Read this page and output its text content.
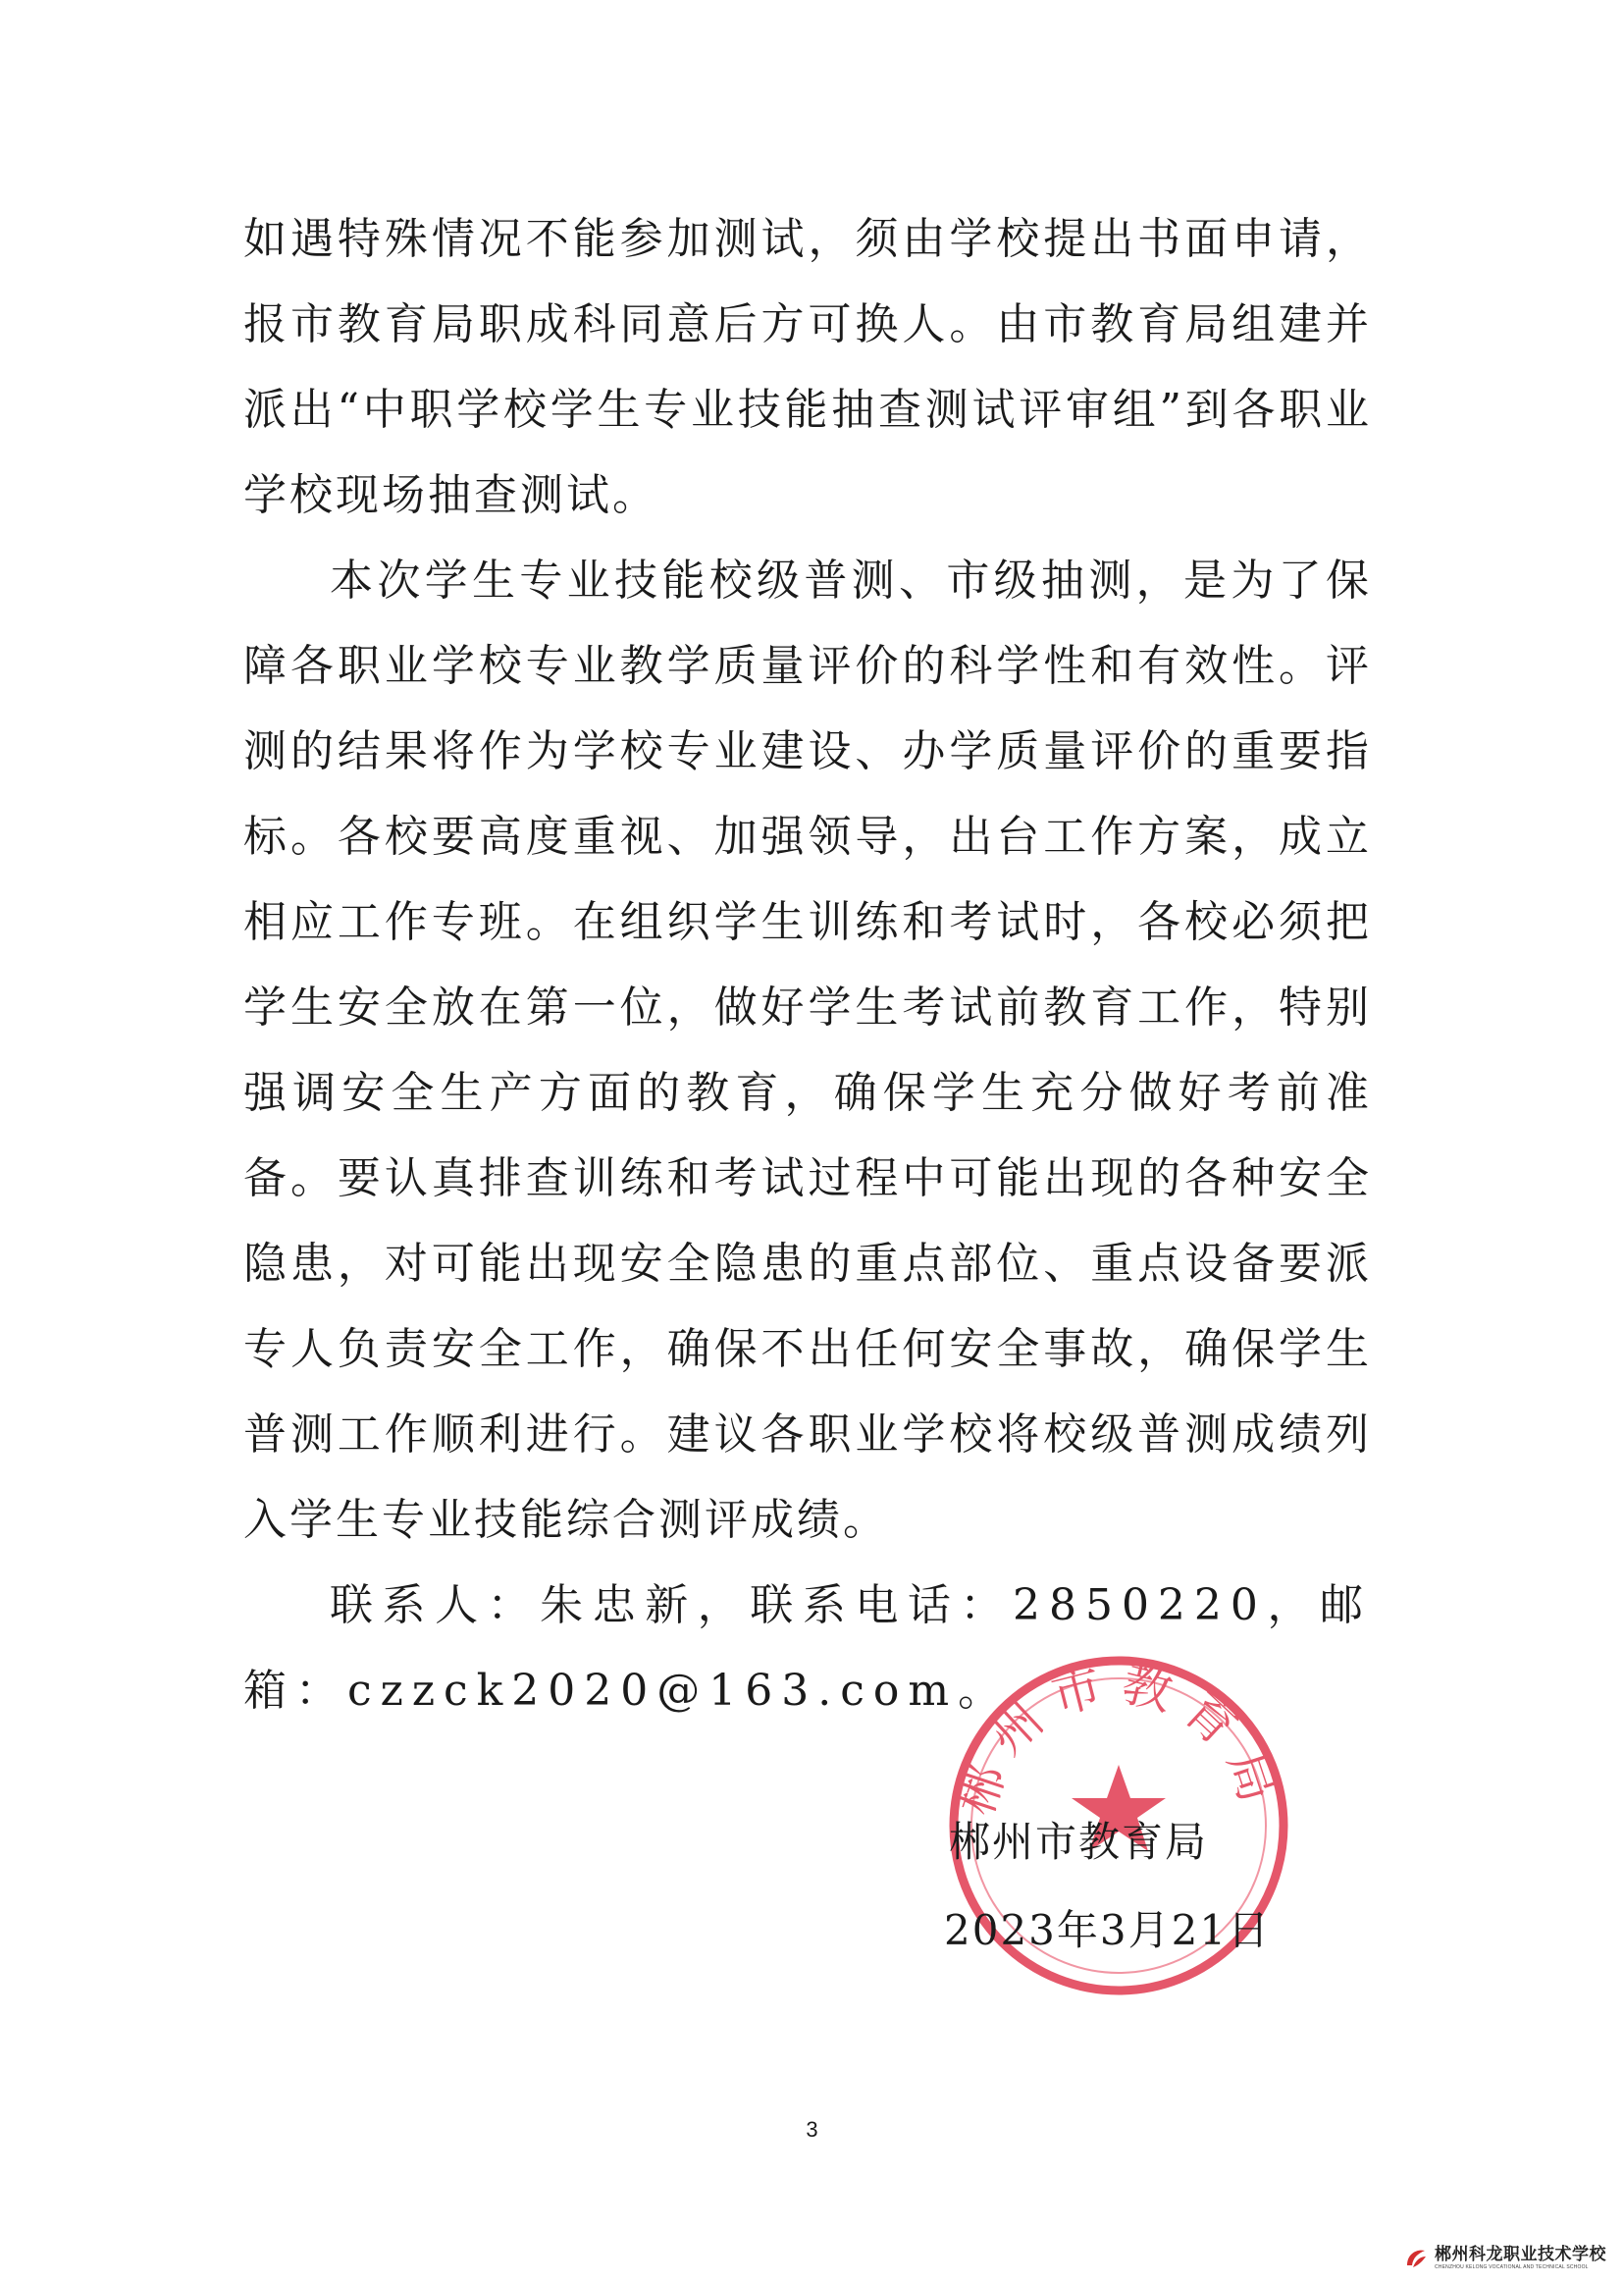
如遇特殊情况不能参加测试，须由学校提出书面申请，报市教育局职成科同意后方可换人。由市教育局组建并派出“中职学校学生专业技能抽查测试评审组”到各职业学校现场抽查测试。

本次学生专业技能校级普测、市级抽测，是为了保障各职业学校专业教学质量评价的科学性和有效性。评测的结果将作为学校专业建设、办学质量评价的重要指标。各校要高度重视、加强领导，出台工作方案，成立相应工作专班。在组织学生训练和考试时，各校必须把学生安全放在第一位，做好学生考试前教育工作，特别强调安全生产方面的教育，确保学生充分做好考前准备。要认真排查训练和考试过程中可能出现的各种安全隐患，对可能出现安全隐患的重点部位、重点设备要派专人负责安全工作，确保不出任何安全事故，确保学生普测工作顺利进行。建议各职业学校将校级普测成绩列入学生专业技能综合测评成绩。

联系人：朱忠新，联系电话：2850220，邮箱：czzck2020@163.com。

郴州市教育局
郴州市教育局
2023年3月21日
3
郴州科龙职业技术学校
CHENZHOU KELONG VOCATIONAL AND TECHNICAL SCHOOL
